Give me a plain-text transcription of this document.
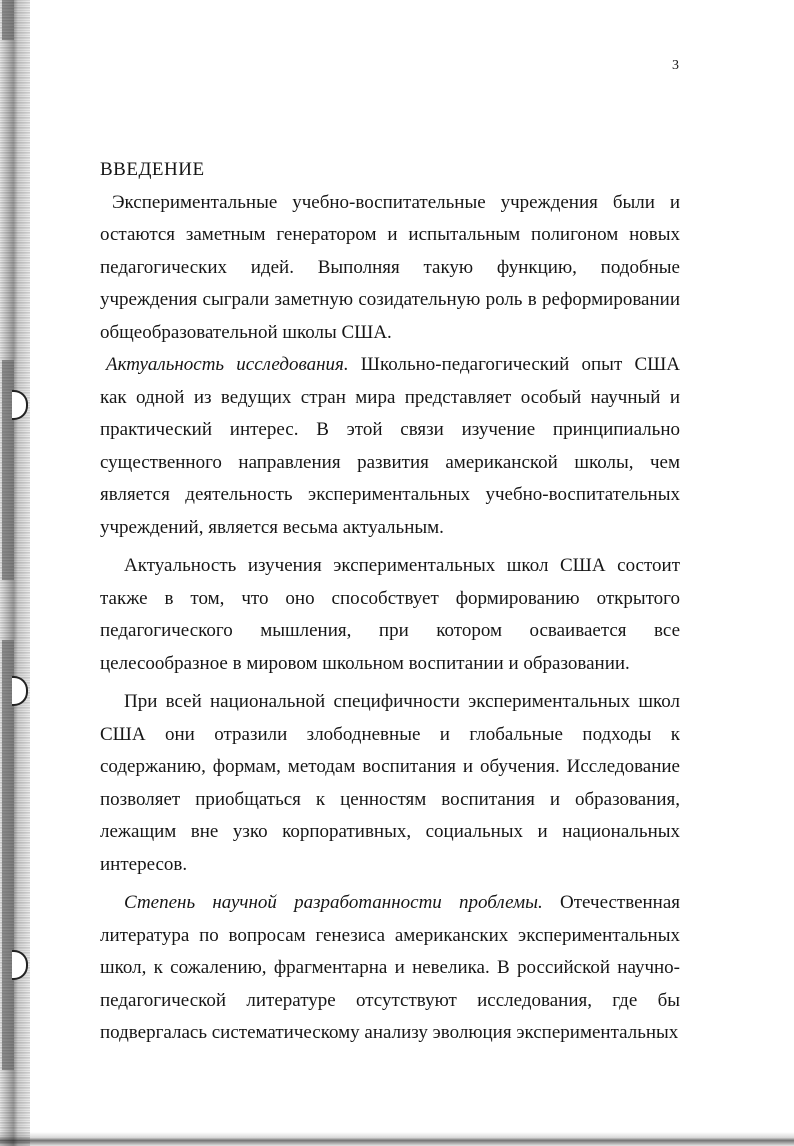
3
ВВЕДЕНИЕ

Экспериментальные учебно-воспитательные учреждения были и остаются заметным генератором и испытальным полигоном новых педагогических идей. Выполняя такую функцию, подобные учреждения сыграли заметную созидательную роль в реформировании общеобразовательной школы США.

Актуальность исследования. Школьно-педагогический опыт США как одной из ведущих стран мира представляет особый научный и практический интерес. В этой связи изучение принципиально существенного направления развития американской школы, чем является деятельность экспериментальных учебно-воспитательных учреждений, является весьма актуальным.

Актуальность изучения экспериментальных школ США состоит также в том, что оно способствует формированию открытого педагогического мышления, при котором осваивается все целесообразное в мировом школьном воспитании и образовании.

При всей национальной специфичности экспериментальных школ США они отразили злободневные и глобальные подходы к содержанию, формам, методам воспитания и обучения. Исследование позволяет приобщаться к ценностям воспитания и образования, лежащим вне узко корпоративных, социальных и национальных интересов.

Степень научной разработанности проблемы. Отечественная литература по вопросам генезиса американских экспериментальных школ, к сожалению, фрагментарна и невелика. В российской научно-педагогической литературе отсутствуют исследования, где бы подвергалась систематическому анализу эволюция экспериментальных
